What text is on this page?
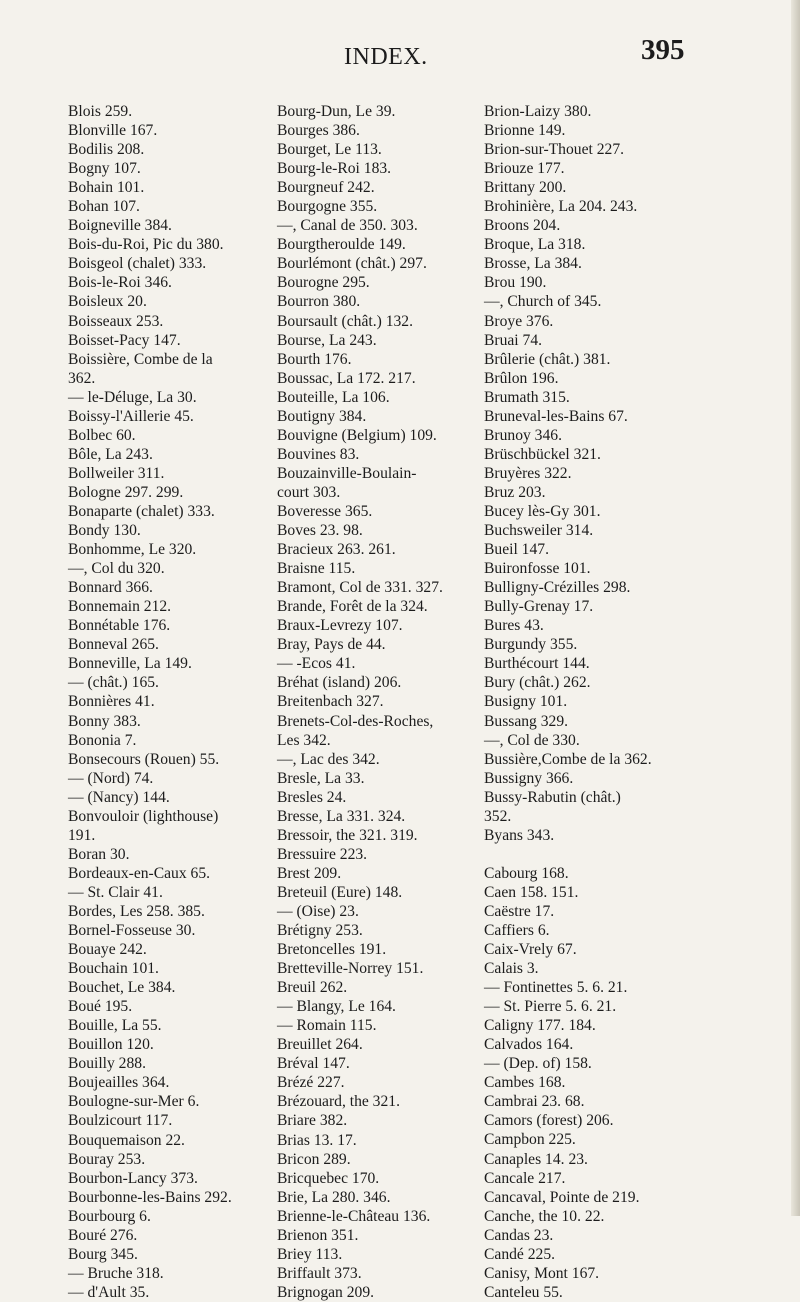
INDEX.	395
Blois 259.
Blonville 167.
Bodilis 208.
Bogny 107.
Bohain 101.
Bohan 107.
Boigneville 384.
Bois-du-Roi, Pic du 380.
Boisgeol (chalet) 333.
Bois-le-Roi 346.
Boisleux 20.
Boisseaux 253.
Boisset-Pacy 147.
Boissière, Combe de la
362.
— le-Déluge, La 30.
Boissy-l'Aillerie 45.
Bolbec 60.
Bôle, La 243.
Bollweiler 311.
Bologne 297. 299.
Bonaparte (chalet) 333.
Bondy 130.
Bonhomme, Le 320.
—, Col du 320.
Bonnard 366.
Bonnemain 212.
Bonnétable 176.
Bonneval 265.
Bonneville, La 149.
— (chât.) 165.
Bonnières 41.
Bonny 383.
Bononia 7.
Bonsecours (Rouen) 55.
— (Nord) 74.
— (Nancy) 144.
Bonvouloir (lighthouse)
191.
Boran 30.
Bordeaux-en-Caux 65.
— St. Clair 41.
Bordes, Les 258. 385.
Bornel-Fosseuse 30.
Bouaye 242.
Bouchain 101.
Bouchet, Le 384.
Boué 195.
Bouille, La 55.
Bouillon 120.
Bouilly 288.
Boujeailles 364.
Boulogne-sur-Mer 6.
Boulzicourt 117.
Bouquemaison 22.
Bouray 253.
Bourbon-Lancy 373.
Bourbonne-les-Bains 292.
Bourbourg 6.
Bouré 276.
Bourg 345.
— Bruche 318.
— d'Ault 35.
Bourg-Dun, Le 39.
Bourges 386.
Bourget, Le 113.
Bourg-le-Roi 183.
Bourgneuf 242.
Bourgogne 355.
—, Canal de 350. 303.
Bourgtheroulde 149.
Bourlémont (chât.) 297.
Bourogne 295.
Bourron 380.
Boursault (chât.) 132.
Bourse, La 243.
Bourth 176.
Boussac, La 172. 217.
Bouteille, La 106.
Boutigny 384.
Bouvigne (Belgium) 109.
Bouvines 83.
Bouzainville-Boulain-
court 303.
Boveresse 365.
Boves 23. 98.
Bracieux 263. 261.
Braisne 115.
Bramont, Col de 331. 327.
Brande, Forêt de la 324.
Braux-Levrezy 107.
Bray, Pays de 44.
— -Ecos 41.
Bréhat (island) 206.
Breitenbach 327.
Brenets-Col-des-Roches,
Les 342.
—, Lac des 342.
Bresle, La 33.
Bresles 24.
Bresse, La 331. 324.
Bressoir, the 321. 319.
Bressuire 223.
Brest 209.
Breteuil (Eure) 148.
— (Oise) 23.
Brétigny 253.
Bretoncelles 191.
Bretteville-Norrey 151.
Breuil 262.
— Blangy, Le 164.
— Romain 115.
Breuillet 264.
Bréval 147.
Brézé 227.
Brézouard, the 321.
Briare 382.
Brias 13. 17.
Bricon 289.
Bricquebec 170.
Brie, La 280. 346.
Brienne-le-Château 136.
Brienon 351.
Briey 113.
Briffault 373.
Brignogan 209.
Brion-Laizy 380.
Brionne 149.
Brion-sur-Thouet 227.
Briouze 177.
Brittany 200.
Brohinière, La 204. 243.
Broons 204.
Broque, La 318.
Brosse, La 384.
Brou 190.
—, Church of 345.
Broye 376.
Bruai 74.
Brûlerie (chât.) 381.
Brûlon 196.
Brumath 315.
Bruneval-les-Bains 67.
Brunoy 346.
Brüschbückel 321.
Bruyères 322.
Bruz 203.
Bucey lès-Gy 301.
Buchsweiler 314.
Bueil 147.
Buironfosse 101.
Bulligny-Crézilles 298.
Bully-Grenay 17.
Bures 43.
Burgundy 355.
Burthécourt 144.
Bury (chât.) 262.
Busigny 101.
Bussang 329.
—, Col de 330.
Bussière,Combe de la 362.
Bussigny 366.
Bussy-Rabutin (chât.)
352.
Byans 343.
Cabourg 168.
Caen 158. 151.
Caëstre 17.
Caffiers 6.
Caix-Vrely 67.
Calais 3.
— Fontinettes 5. 6. 21.
— St. Pierre 5. 6. 21.
Caligny 177. 184.
Calvados 164.
— (Dep. of) 158.
Cambes 168.
Cambrai 23. 68.
Camors (forest) 206.
Campbon 225.
Canaples 14. 23.
Cancale 217.
Cancaval, Pointe de 219.
Canche, the 10. 22.
Candas 23.
Candé 225.
Canisy, Mont 167.
Canteleu 55.
